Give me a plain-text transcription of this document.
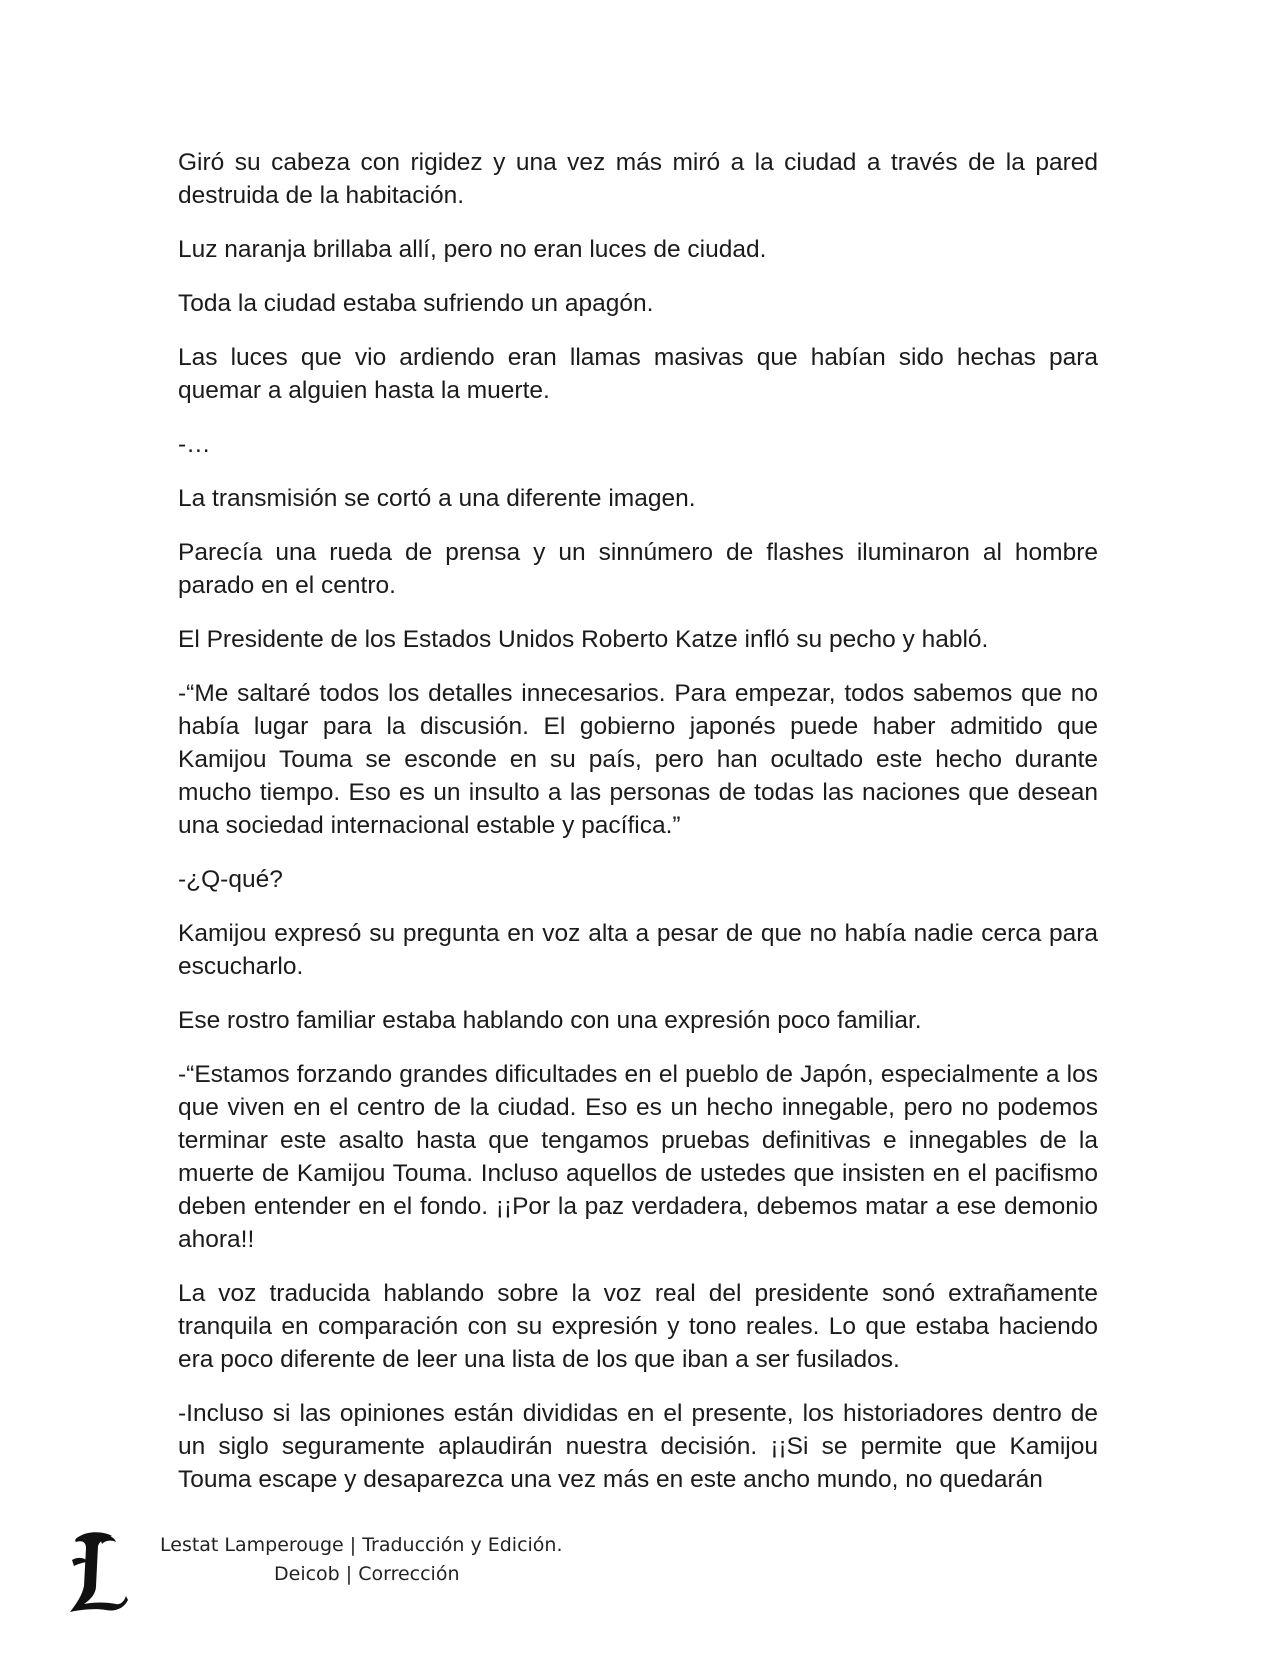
Giró su cabeza con rigidez y una vez más miró a la ciudad a través de la pared destruida de la habitación.

Luz naranja brillaba allí, pero no eran luces de ciudad.

Toda la ciudad estaba sufriendo un apagón.

Las luces que vio ardiendo eran llamas masivas que habían sido hechas para quemar a alguien hasta la muerte.

-…

La transmisión se cortó a una diferente imagen.

Parecía una rueda de prensa y un sinnúmero de flashes iluminaron al hombre parado en el centro.

El Presidente de los Estados Unidos Roberto Katze infló su pecho y habló.

-“Me saltaré todos los detalles innecesarios. Para empezar, todos sabemos que no había lugar para la discusión. El gobierno japonés puede haber admitido que Kamijou Touma se esconde en su país, pero han ocultado este hecho durante mucho tiempo. Eso es un insulto a las personas de todas las naciones que desean una sociedad internacional estable y pacífica.”

-¿Q-qué?

Kamijou expresó su pregunta en voz alta a pesar de que no había nadie cerca para escucharlo.

Ese rostro familiar estaba hablando con una expresión poco familiar.

-“Estamos forzando grandes dificultades en el pueblo de Japón, especialmente a los que viven en el centro de la ciudad. Eso es un hecho innegable, pero no podemos terminar este asalto hasta que tengamos pruebas definitivas e innegables de la muerte de Kamijou Touma. Incluso aquellos de ustedes que insisten en el pacifismo deben entender en el fondo. ¡¡Por la paz verdadera, debemos matar a ese demonio ahora!!

La voz traducida hablando sobre la voz real del presidente sonó extrañamente tranquila en comparación con su expresión y tono reales. Lo que estaba haciendo era poco diferente de leer una lista de los que iban a ser fusilados.

-Incluso si las opiniones están divididas en el presente, los historiadores dentro de un siglo seguramente aplaudirán nuestra decisión. ¡¡Si se permite que Kamijou Touma escape y desaparezca una vez más en este ancho mundo, no quedarán

Lestat Lamperouge | Traducción y Edición.
Deicob | Corrección
